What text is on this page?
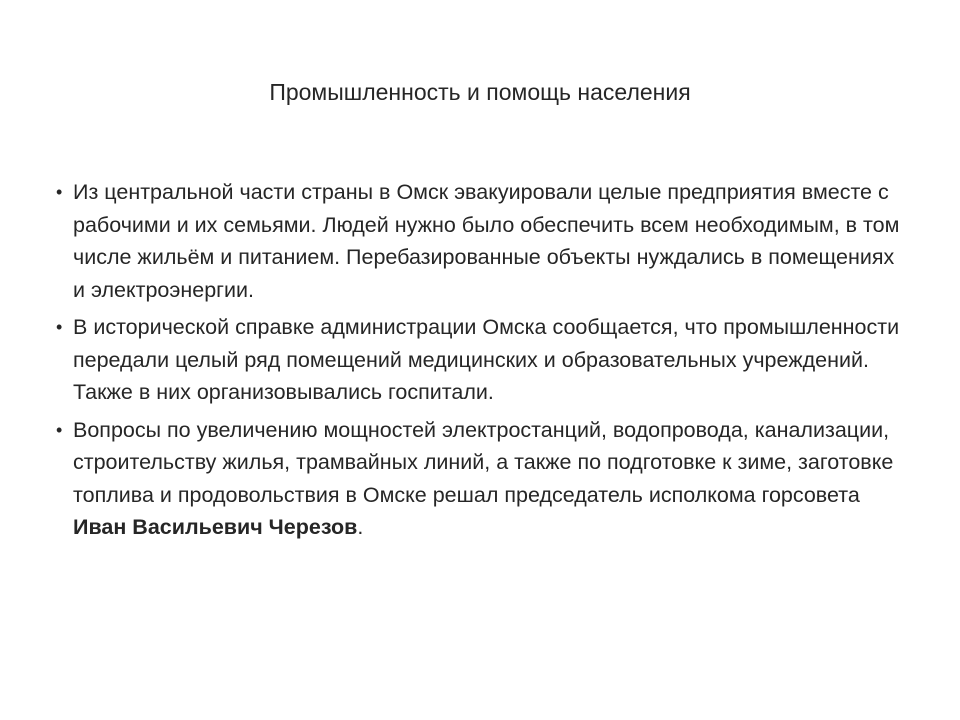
Промышленность и помощь населения
• Из центральной части страны в Омск эвакуировали целые предприятия вместе с рабочими и их семьями. Людей нужно было обеспечить всем необходимым, в том числе жильём и питанием. Перебазированные объекты нуждались в помещениях и электроэнергии.
• В исторической справке администрации Омска сообщается, что промышленности передали целый ряд помещений медицинских и образовательных учреждений. Также в них организовывались госпитали.
• Вопросы по увеличению мощностей электростанций, водопровода, канализации, строительству жилья, трамвайных линий, а также по подготовке к зиме, заготовке топлива и продовольствия в Омске решал председатель исполкома горсовета Иван Васильевич Черезов.
